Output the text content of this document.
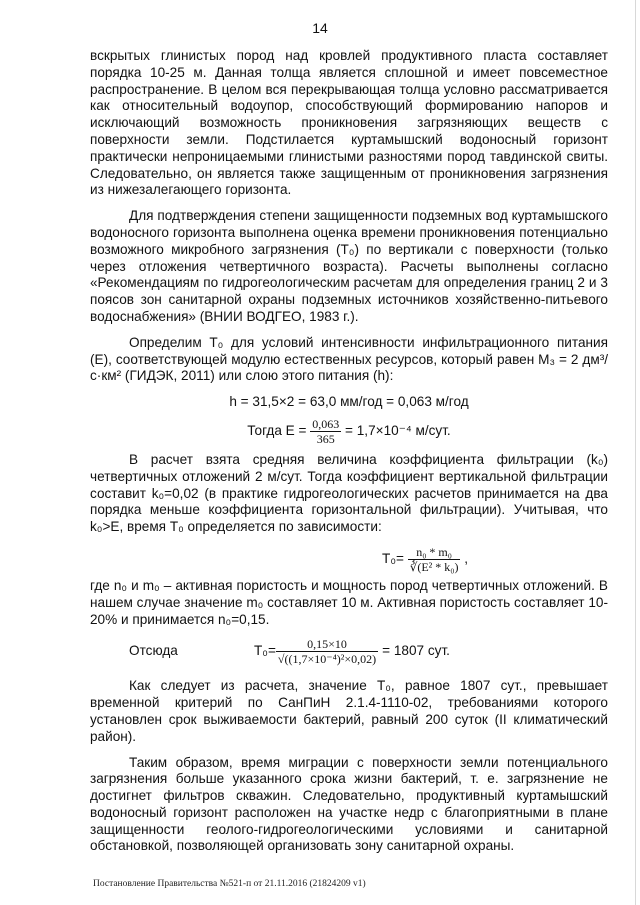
14

вскрытых глинистых пород над кровлей продуктивного пласта составляет порядка 10-25 м. Данная толща является сплошной и имеет повсеместное распространение. В целом вся перекрывающая толща условно рассматривается как относительный водоупор, способствующий формированию напоров и исключающий возможность проникновения загрязняющих веществ с поверхности земли. Подстилается куртамышский водоносный горизонт практически непроницаемыми глинистыми разностями пород тавдинской свиты. Следовательно, он является также защищенным от проникновения загрязнения из нижезалегающего горизонта.

Для подтверждения степени защищенности подземных вод куртамышского водоносного горизонта выполнена оценка времени проникновения потенциально возможного микробного загрязнения (Т₀) по вертикали с поверхности (только через отложения четвертичного возраста). Расчеты выполнены согласно «Рекомендациям по гидрогеологическим расчетам для определения границ 2 и 3 поясов зон санитарной охраны подземных источников хозяйственно-питьевого водоснабжения» (ВНИИ ВОДГЕО, 1983 г.).

Определим Т₀ для условий интенсивности инфильтрационного питания (Е), соответствующей модулю естественных ресурсов, который равен М₃ = 2 дм³/с·км² (ГИДЭК, 2011) или слою этого питания (h):

h = 31,5×2 = 63,0 мм/год = 0,063 м/год
Тогда $Е = \frac{0,063}{365} = 1,7\times 10^{-4}$ м/сут.

В расчет взята средняя величина коэффициента фильтрации (k₀) четвертичных отложений 2 м/сут. Тогда коэффициент вертикальной фильтрации составит k₀=0,02 (в практике гидрогеологических расчетов принимается на два порядка меньше коэффициента горизонтальной фильтрации). Учитывая, что k₀>Е, время Т₀ определяется по зависимости:

$Т_0= \frac{\text{n₀ * m₀}}{\text{∛(E² * k₀)}}$ ,

где n₀ и m₀ – активная пористость и мощность пород четвертичных отложений. В нашем случае значение m₀ составляет 10 м. Активная пористость составляет 10-20% и принимается n₀=0,15.

Отсюда	$Т_0= \frac{0,15\times 10}{\text{√((1,7×10⁻⁴)²×0,02)}} = 1807$ сут.

Как следует из расчета, значение Т₀, равное 1807 сут., превышает временной критерий по СанПиН 2.1.4-1110-02, требованиями которого установлен срок выживаемости бактерий, равный 200 суток (II климатический район).

Таким образом, время миграции с поверхности земли потенциального загрязнения больше указанного срока жизни бактерий, т. е. загрязнение не достигнет фильтров скважин. Следовательно, продуктивный куртамышский водоносный горизонт расположен на участке недр с благоприятными в плане защищенности геолого-гидрогеологическими условиями и санитарной обстановкой, позволяющей организовать зону санитарной охраны.

Постановление Правительства №521-п от 21.11.2016 (21824209 v1)
